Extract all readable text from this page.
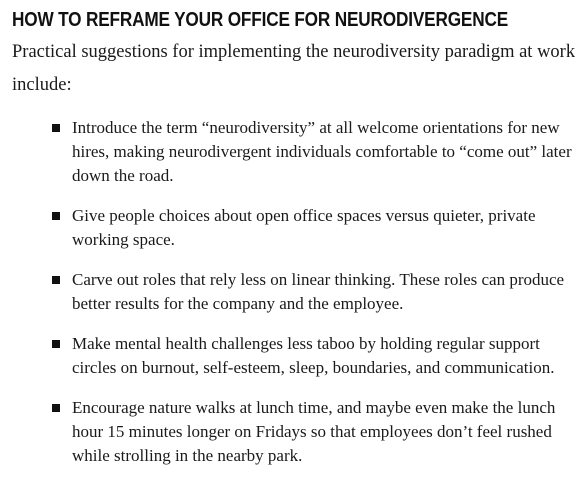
HOW TO REFRAME YOUR OFFICE FOR NEURODIVERGENCE

Practical suggestions for implementing the neurodiversity paradigm at work include:

Introduce the term “neurodiversity” at all welcome orientations for new hires, making neurodivergent individuals comfortable to “come out” later down the road.
Give people choices about open office spaces versus quieter, private working space.
Carve out roles that rely less on linear thinking. These roles can produce better results for the company and the employee.
Make mental health challenges less taboo by holding regular support circles on burnout, self-esteem, sleep, boundaries, and communication.
Encourage nature walks at lunch time, and maybe even make the lunch hour 15 minutes longer on Fridays so that employees don’t feel rushed while strolling in the nearby park.
